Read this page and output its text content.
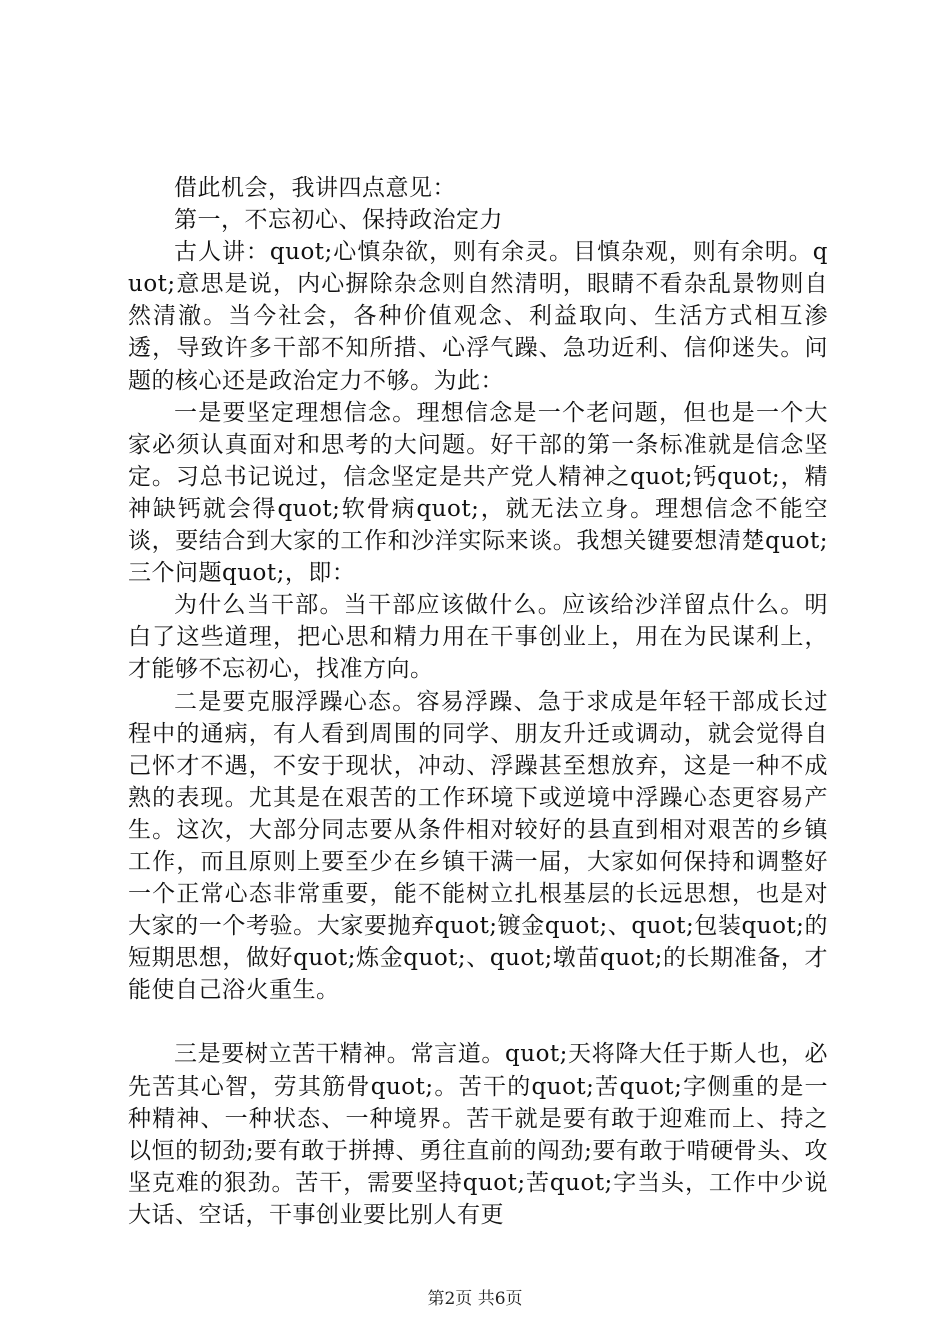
借此机会，我讲四点意见：

第一，不忘初心、保持政治定力

古人讲：quot;心慎杂欲，则有余灵。目慎杂观，则有余明。quot;意思是说，内心摒除杂念则自然清明，眼睛不看杂乱景物则自然清澈。当今社会，各种价值观念、利益取向、生活方式相互渗透，导致许多干部不知所措、心浮气躁、急功近利、信仰迷失。问题的核心还是政治定力不够。为此：

一是要坚定理想信念。理想信念是一个老问题，但也是一个大家必须认真面对和思考的大问题。好干部的第一条标准就是信念坚定。习总书记说过，信念坚定是共产党人精神之quot;钙quot;，精神缺钙就会得quot;软骨病quot;，就无法立身。理想信念不能空谈，要结合到大家的工作和沙洋实际来谈。我想关键要想清楚quot;三个问题quot;，即：

为什么当干部。当干部应该做什么。应该给沙洋留点什么。明白了这些道理，把心思和精力用在干事创业上，用在为民谋利上，才能够不忘初心，找准方向。

二是要克服浮躁心态。容易浮躁、急于求成是年轻干部成长过程中的通病，有人看到周围的同学、朋友升迁或调动，就会觉得自己怀才不遇，不安于现状，冲动、浮躁甚至想放弃，这是一种不成熟的表现。尤其是在艰苦的工作环境下或逆境中浮躁心态更容易产生。这次，大部分同志要从条件相对较好的县直到相对艰苦的乡镇工作，而且原则上要至少在乡镇干满一届，大家如何保持和调整好一个正常心态非常重要，能不能树立扎根基层的长远思想，也是对大家的一个考验。大家要抛弃quot;镀金quot;、quot;包装quot;的短期思想，做好quot;炼金quot;、quot;墩苗quot;的长期准备，才能使自己浴火重生。

三是要树立苦干精神。常言道。quot;天将降大任于斯人也，必先苦其心智，劳其筋骨quot;。苦干的quot;苦quot;字侧重的是一种精神、一种状态、一种境界。苦干就是要有敢于迎难而上、持之以恒的韧劲;要有敢于拼搏、勇往直前的闯劲;要有敢于啃硬骨头、攻坚克难的狠劲。苦干，需要坚持quot;苦quot;字当头，工作中少说大话、空话，干事创业要比别人有更

第2页 共6页
